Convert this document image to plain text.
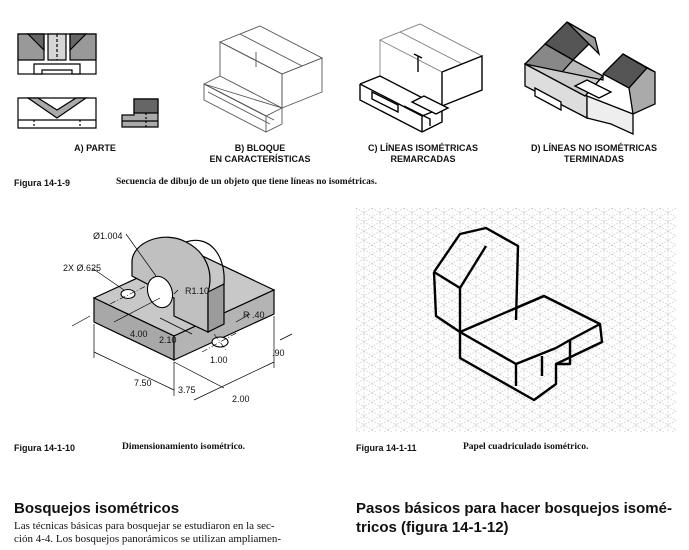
A) PARTE	B) BLOQUE
EN CARACTERÍSTICAS
C) LÍNEAS ISOMÉTRICAS
REMARCADAS
D) LÍNEAS NO ISOMÉTRICAS
TERMINADAS
Figura 14-1-9	Secuencia de dibujo de un objeto que tiene líneas no isométricas.
Ø1.004
2X Ø.625
R1.10
R .40
4.00
2.10
1.00
.90
7.50
3.75
2.00
Figura 14-1-10	Dimensionamiento isométrico.	Figura 14-1-11	Papel cuadriculado isométrico.
Bosquejos isométricos
Las técnicas básicas para bosquejar se estudiaron en la sec-
ción 4-4. Los bosquejos panorámicos se utilizan ampliamen-
Pasos básicos para hacer bosquejos isomé-
tricos (figura 14-1-12)
